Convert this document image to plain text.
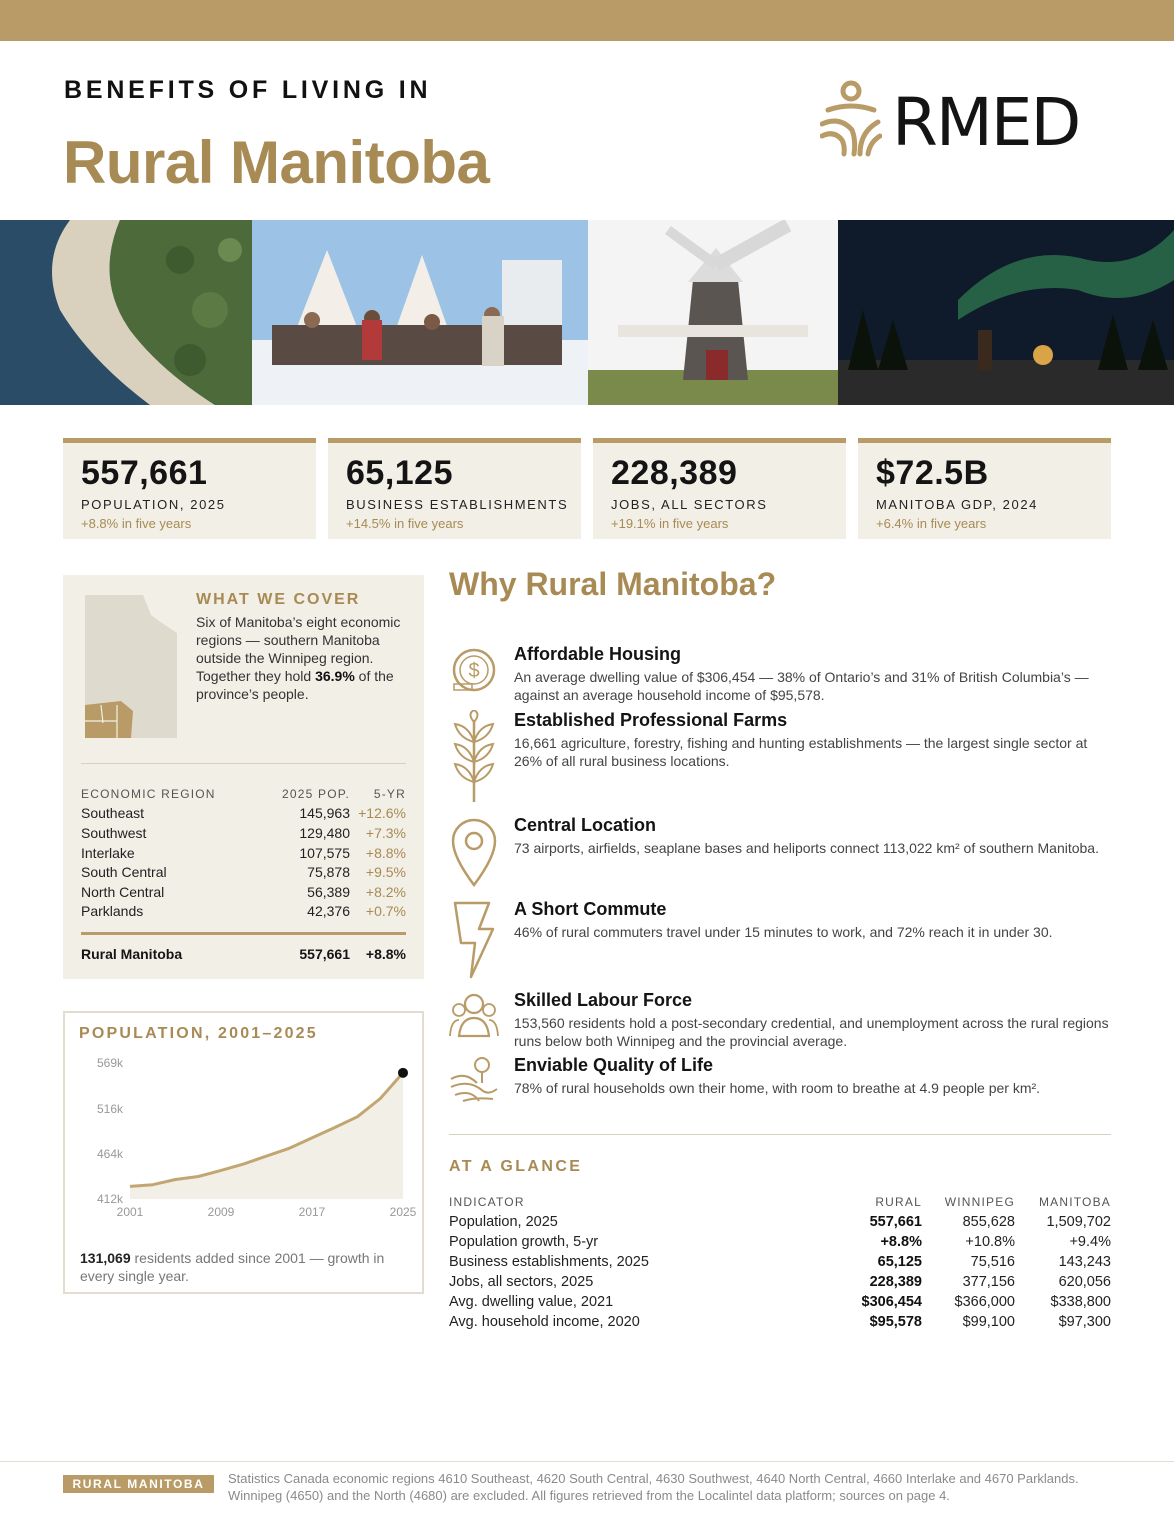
BENEFITS OF LIVING IN
Rural Manitoba
RMED
557,661
POPULATION, 2025
+8.8% in five years
65,125
BUSINESS ESTABLISHMENTS
+14.5% in five years
228,389
JOBS, ALL SECTORS
+19.1% in five years
$72.5B
MANITOBA GDP, 2024
+6.4% in five years
WHAT WE COVER
Six of Manitoba’s eight economic regions — southern Manitoba outside the Winnipeg region. Together they hold 36.9% of the province’s people.
ECONOMIC REGION	2025 POP.	5-YR
Southeast	145,963 +12.6%
Southwest	129,480	+7.3%
Interlake	107,575	+8.8%
South Central	75,878	+9.5%
North Central	56,389	+8.2%
Parklands	42,376	+0.7%
Rural Manitoba	557,661	+8.8%
POPULATION, 2001–2025
569k
516k
464k
412k
2001	2009	2017	2025
131,069 residents added since 2001 — growth in every single year.
Why Rural Manitoba?
$
Affordable Housing
An average dwelling value of $306,454 — 38% of Ontario’s and 31% of British Columbia’s — against an average household income of $95,578.
Established Professional Farms
16,661 agriculture, forestry, fishing and hunting establishments — the largest single sector at 26% of all rural business locations.
Central Location
73 airports, airfields, seaplane bases and heliports connect 113,022 km² of southern Manitoba.
A Short Commute
46% of rural commuters travel under 15 minutes to work, and 72% reach it in under 30.
Skilled Labour Force
153,560 residents hold a post-secondary credential, and unemployment across the rural regions runs below both Winnipeg and the provincial average.
Enviable Quality of Life
78% of rural households own their home, with room to breathe at 4.9 people per km².
AT A GLANCE
INDICATOR	RURAL	WINNIPEG	MANITOBA
Population, 2025	557,661	855,628	1,509,702
Population growth, 5-yr	+8.8%	+10.8%	+9.4%
Business establishments, 2025	65,125	75,516	143,243
Jobs, all sectors, 2025	228,389	377,156	620,056
Avg. dwelling value, 2021	$306,454	$366,000	$338,800
Avg. household income, 2020	$95,578	$99,100	$97,300
RURAL MANITOBA	Statistics Canada economic regions 4610 Southeast, 4620 South Central, 4630 Southwest, 4640 North Central, 4660 Interlake and 4670 Parklands. Winnipeg (4650) and the North (4680) are excluded. All figures retrieved from the Localintel data platform; sources on page 4.
